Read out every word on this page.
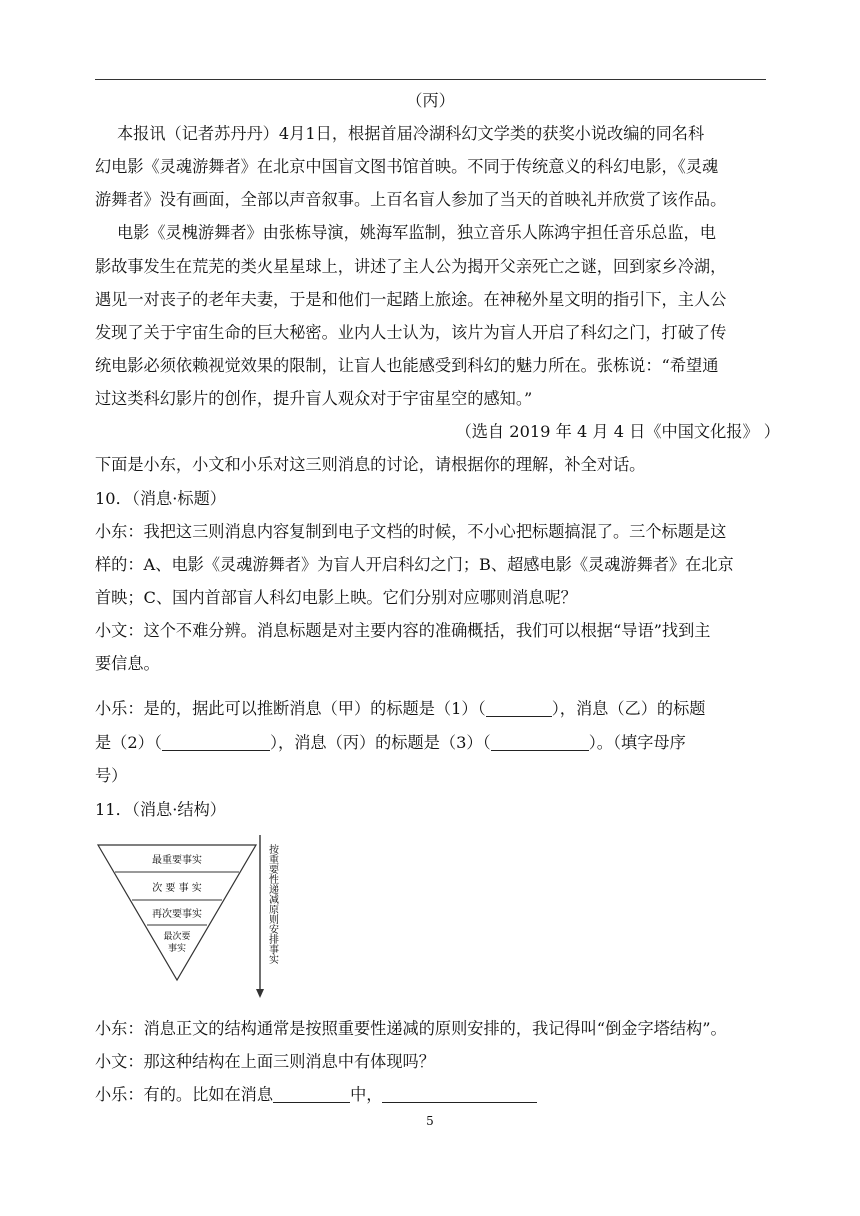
（丙）
本报讯（记者苏丹丹）4月1日，根据首届冷湖科幻文学类的获奖小说改编的同名科
幻电影《灵魂游舞者》在北京中国盲文图书馆首映。不同于传统意义的科幻电影，《灵魂
游舞者》没有画面，全部以声音叙事。上百名盲人参加了当天的首映礼并欣赏了该作品。
电影《灵槐游舞者》由张栋导演，姚海军监制，独立音乐人陈鸿宇担任音乐总监，电
影故事发生在荒芜的类火星星球上，讲述了主人公为揭开父亲死亡之谜，回到家乡冷湖，
遇见一对丧子的老年夫妻，于是和他们一起踏上旅途。在神秘外星文明的指引下，主人公
发现了关于宇宙生命的巨大秘密。业内人士认为，该片为盲人开启了科幻之门，打破了传
统电影必须依赖视觉效果的限制，让盲人也能感受到科幻的魅力所在。张栋说：“希望通
过这类科幻影片的创作，提升盲人观众对于宇宙星空的感知。”
（选自 2019 年 4 月 4 日《中国文化报》 ）
下面是小东，小文和小乐对这三则消息的讨论，请根据你的理解，补全对话。
10．（消息·标题）
小东：我把这三则消息内容复制到电子文档的时候，不小心把标题搞混了。三个标题是这
样的：A、电影《灵魂游舞者》为盲人开启科幻之门；B、超感电影《灵魂游舞者》在北京
首映；C、国内首部盲人科幻电影上映。它们分别对应哪则消息呢？
小文：这个不难分辨。消息标题是对主要内容的准确概括，我们可以根据“导语”找到主
要信息。
小乐：是的，据此可以推断消息（甲）的标题是（1）（	），消息（乙）的标题
是（2）（	），消息（丙）的标题是（3）（	）。（填字母序
号）
11．（消息·结构）
最重要事实
次 要 事 实
再次要事实
最次要
事实	按重要性递减原则安排事实
小东：消息正文的结构通常是按照重要性递减的原则安排的，我记得叫“倒金字塔结构”。
小文：那这种结构在上面三则消息中有体现吗？
小乐：有的。比如在消息	中，
5
